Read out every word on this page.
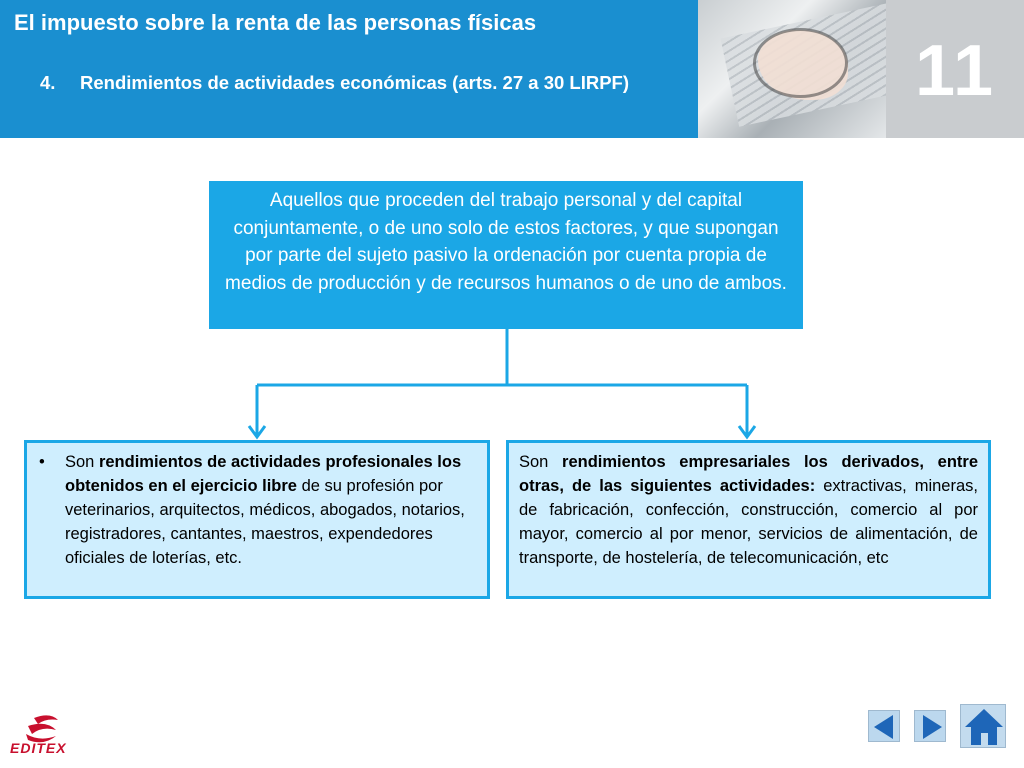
11
El impuesto sobre la renta de las personas físicas
4. Rendimientos de actividades económicas (arts. 27 a 30 LIRPF)
Aquellos que proceden del trabajo personal y del capital conjuntamente, o de uno solo de estos factores, y que supongan por parte del sujeto pasivo la ordenación por cuenta propia de medios de producción y de recursos humanos o de uno de ambos.
• Son rendimientos de actividades profesionales los obtenidos en el ejercicio libre de su profesión por veterinarios, arquitectos, médicos, abogados, notarios, registradores, cantantes, maestros, expendedores oficiales de loterías, etc.
Son rendimientos empresariales los derivados, entre otras, de las siguientes actividades: extractivas, mineras, de fabricación, confección, construcción, comercio al por mayor, comercio al por menor, servicios de alimentación, de transporte, de hostelería, de telecomunicación, etc
EDITEX
